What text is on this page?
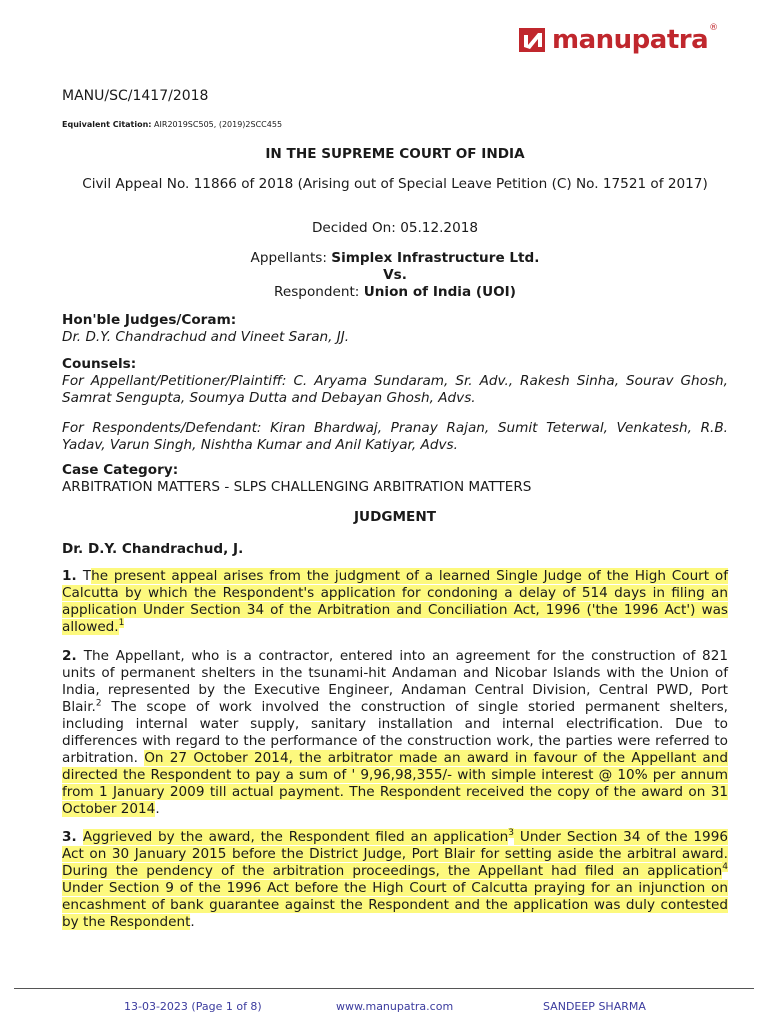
manupatra ®
MANU/SC/1417/2018
Equivalent Citation: AIR2019SC505, (2019)2SCC455
IN THE SUPREME COURT OF INDIA
Civil Appeal No. 11866 of 2018 (Arising out of Special Leave Petition (C) No. 17521 of 2017)
Decided On: 05.12.2018
Appellants: Simplex Infrastructure Ltd.
Vs.
Respondent: Union of India (UOI)
Hon'ble Judges/Coram:
Dr. D.Y. Chandrachud and Vineet Saran, JJ.
Counsels:
For Appellant/Petitioner/Plaintiff: C. Aryama Sundaram, Sr. Adv., Rakesh Sinha, Sourav Ghosh, Samrat Sengupta, Soumya Dutta and Debayan Ghosh, Advs.
For Respondents/Defendant: Kiran Bhardwaj, Pranay Rajan, Sumit Teterwal, Venkatesh, R.B. Yadav, Varun Singh, Nishtha Kumar and Anil Katiyar, Advs.
Case Category:
ARBITRATION MATTERS - SLPS CHALLENGING ARBITRATION MATTERS
JUDGMENT
Dr. D.Y. Chandrachud, J.
1. The present appeal arises from the judgment of a learned Single Judge of the High Court of Calcutta by which the Respondent's application for condoning a delay of 514 days in filing an application Under Section 34 of the Arbitration and Conciliation Act, 1996 ('the 1996 Act') was allowed.$^1$
2. The Appellant, who is a contractor, entered into an agreement for the construction of 821 units of permanent shelters in the tsunami-hit Andaman and Nicobar Islands with the Union of India, represented by the Executive Engineer, Andaman Central Division, Central PWD, Port Blair.$^2$ The scope of work involved the construction of single storied permanent shelters, including internal water supply, sanitary installation and internal electrification. Due to differences with regard to the performance of the construction work, the parties were referred to arbitration. On 27 October 2014, the arbitrator made an award in favour of the Appellant and directed the Respondent to pay a sum of ' 9,96,98,355/- with simple interest @ 10% per annum from 1 January 2009 till actual payment. The Respondent received the copy of the award on 31 October 2014.
3. Aggrieved by the award, the Respondent filed an application$^3$ Under Section 34 of the 1996 Act on 30 January 2015 before the District Judge, Port Blair for setting aside the arbitral award. During the pendency of the arbitration proceedings, the Appellant had filed an application$^4$ Under Section 9 of the 1996 Act before the High Court of Calcutta praying for an injunction on encashment of bank guarantee against the Respondent and the application was duly contested by the Respondent.
13-03-2023 (Page 1 of 8)	www.manupatra.com	SANDEEP SHARMA
